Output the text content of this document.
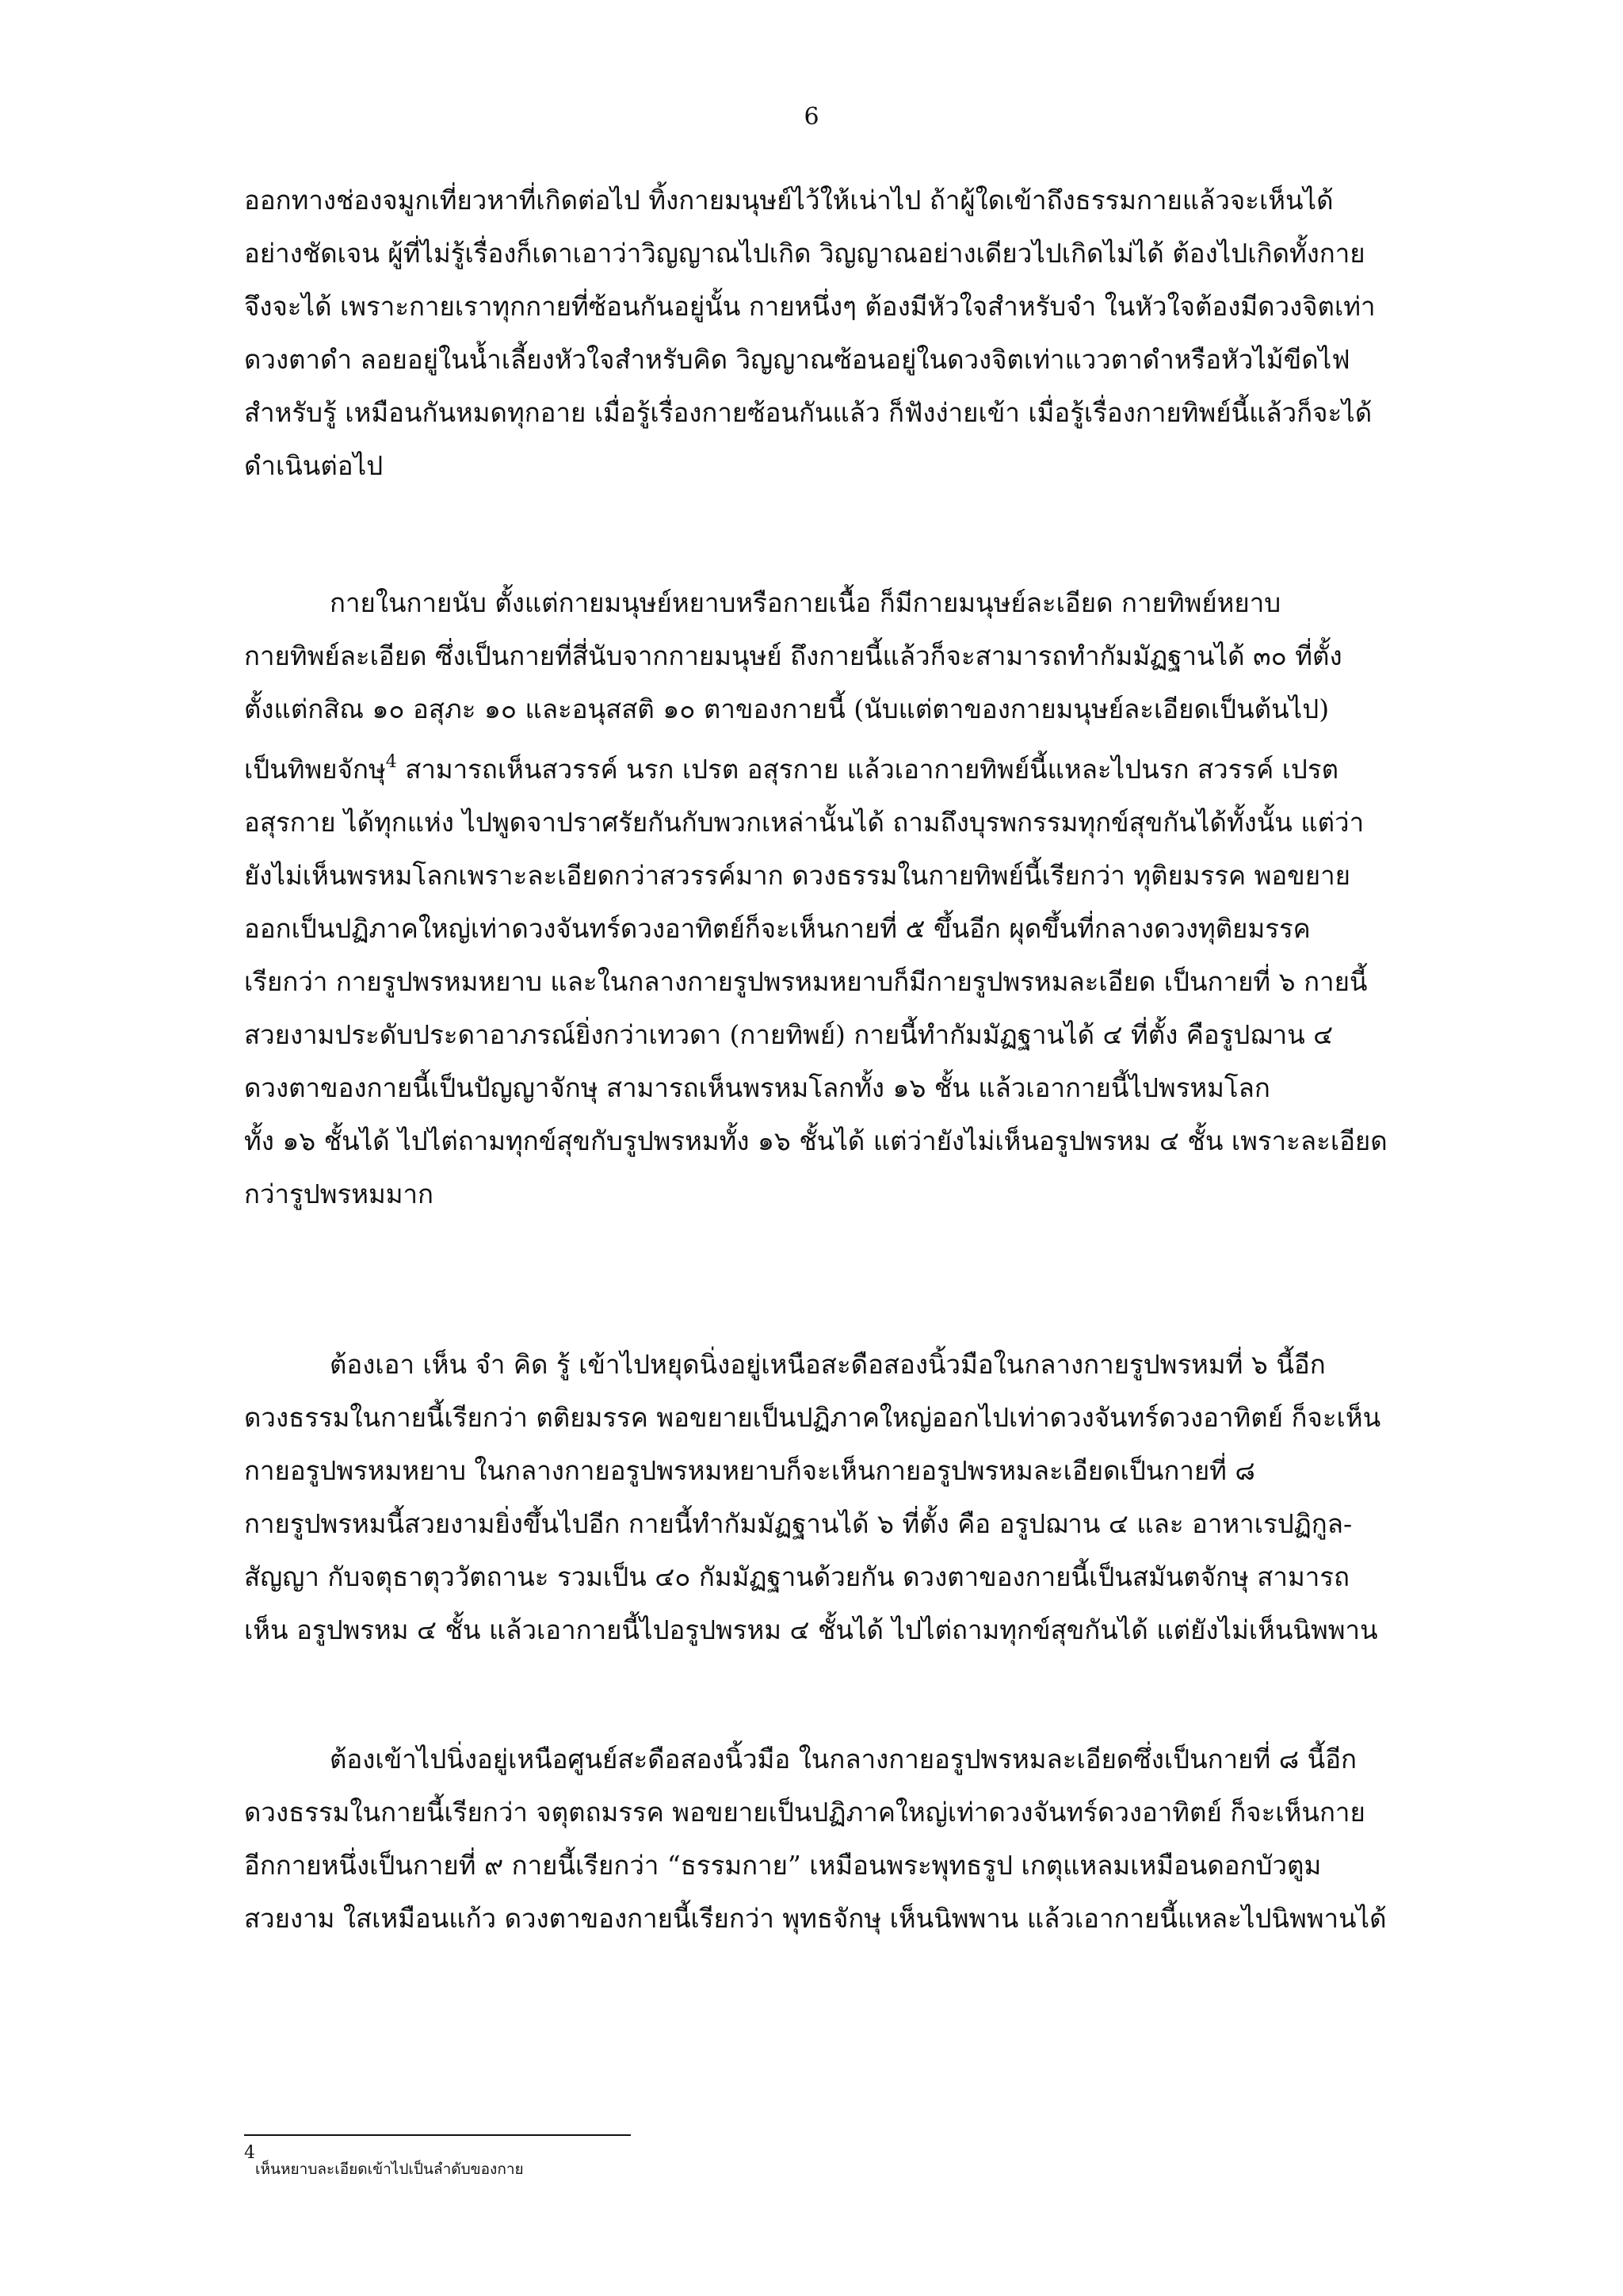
6
ออกทางช่องจมูกเที่ยวหาที่เกิดต่อไป ทิ้งกายมนุษย์ไว้ให้เน่าไป ถ้าผู้ใดเข้าถึงธรรมกายแล้วจะเห็นได้
อย่างชัดเจน ผู้ที่ไม่รู้เรื่องก็เดาเอาว่าวิญญาณไปเกิด วิญญาณอย่างเดียวไปเกิดไม่ได้ ต้องไปเกิดทั้งกาย
จึงจะได้ เพราะกายเราทุกกายที่ซ้อนกันอยู่นั้น กายหนึ่งๆ ต้องมีหัวใจสำหรับจำ ในหัวใจต้องมีดวงจิตเท่า
ดวงตาดำ ลอยอยู่ในน้ำเลี้ยงหัวใจสำหรับคิด วิญญาณซ้อนอยู่ในดวงจิตเท่าแววตาดำหรือหัวไม้ขีดไฟ
สำหรับรู้ เหมือนกันหมดทุกอาย เมื่อรู้เรื่องกายซ้อนกันแล้ว ก็ฟังง่ายเข้า เมื่อรู้เรื่องกายทิพย์นี้แล้วก็จะได้
ดำเนินต่อไป
กายในกายนับ ตั้งแต่กายมนุษย์หยาบหรือกายเนื้อ ก็มีกายมนุษย์ละเอียด กายทิพย์หยาบ
กายทิพย์ละเอียด ซึ่งเป็นกายที่สี่นับจากกายมนุษย์ ถึงกายนี้แล้วก็จะสามารถทำกัมมัฏฐานได้ ๓๐ ที่ตั้ง
ตั้งแต่กสิณ ๑๐ อสุภะ ๑๐ และอนุสสติ ๑๐ ตาของกายนี้ (นับแต่ตาของกายมนุษย์ละเอียดเป็นต้นไป)
เป็นทิพยจักษุ$^4$ สามารถเห็นสวรรค์ นรก เปรต อสุรกาย แล้วเอากายทิพย์นี้แหละไปนรก สวรรค์ เปรต
อสุรกาย ได้ทุกแห่ง ไปพูดจาปราศรัยกันกับพวกเหล่านั้นได้ ถามถึงบุรพกรรมทุกข์สุขกันได้ทั้งนั้น แต่ว่า
ยังไม่เห็นพรหมโลกเพราะละเอียดกว่าสวรรค์มาก ดวงธรรมในกายทิพย์นี้เรียกว่า ทุติยมรรค พอขยาย
ออกเป็นปฏิภาคใหญ่เท่าดวงจันทร์ดวงอาทิตย์ก็จะเห็นกายที่ ๕ ขึ้นอีก ผุดขึ้นที่กลางดวงทุติยมรรค
เรียกว่า กายรูปพรหมหยาบ และในกลางกายรูปพรหมหยาบก็มีกายรูปพรหมละเอียด เป็นกายที่ ๖ กายนี้
สวยงามประดับประดาอาภรณ์ยิ่งกว่าเทวดา (กายทิพย์) กายนี้ทำกัมมัฏฐานได้ ๔ ที่ตั้ง คือรูปฌาน ๔
ดวงตาของกายนี้เป็นปัญญาจักษุ สามารถเห็นพรหมโลกทั้ง ๑๖ ชั้น แล้วเอากายนี้ไปพรหมโลก
ทั้ง ๑๖ ชั้นได้ ไปไต่ถามทุกข์สุขกับรูปพรหมทั้ง ๑๖ ชั้นได้ แต่ว่ายังไม่เห็นอรูปพรหม ๔ ชั้น เพราะละเอียด
กว่ารูปพรหมมาก
ต้องเอา เห็น จำ คิด รู้ เข้าไปหยุดนิ่งอยู่เหนือสะดือสองนิ้วมือในกลางกายรูปพรหมที่ ๖ นี้อีก
ดวงธรรมในกายนี้เรียกว่า ตติยมรรค พอขยายเป็นปฏิภาคใหญ่ออกไปเท่าดวงจันทร์ดวงอาทิตย์ ก็จะเห็น
กายอรูปพรหมหยาบ ในกลางกายอรูปพรหมหยาบก็จะเห็นกายอรูปพรหมละเอียดเป็นกายที่ ๘
กายรูปพรหมนี้สวยงามยิ่งขึ้นไปอีก กายนี้ทำกัมมัฏฐานได้ ๖ ที่ตั้ง คือ อรูปฌาน ๔ และ อาหาเรปฏิกูล-
สัญญา กับจตุธาตุววัตถานะ รวมเป็น ๔๐ กัมมัฏฐานด้วยกัน ดวงตาของกายนี้เป็นสมันตจักษุ สามารถ
เห็น อรูปพรหม ๔ ชั้น แล้วเอากายนี้ไปอรูปพรหม ๔ ชั้นได้ ไปไต่ถามทุกข์สุขกันได้ แต่ยังไม่เห็นนิพพาน
ต้องเข้าไปนิ่งอยู่เหนือศูนย์สะดือสองนิ้วมือ ในกลางกายอรูปพรหมละเอียดซึ่งเป็นกายที่ ๘ นี้อีก
ดวงธรรมในกายนี้เรียกว่า จตุตถมรรค พอขยายเป็นปฏิภาคใหญ่เท่าดวงจันทร์ดวงอาทิตย์ ก็จะเห็นกาย
อีกกายหนึ่งเป็นกายที่ ๙ กายนี้เรียกว่า “ธรรมกาย” เหมือนพระพุทธรูป เกตุแหลมเหมือนดอกบัวตูม
สวยงาม ใสเหมือนแก้ว ดวงตาของกายนี้เรียกว่า พุทธจักษุ เห็นนิพพาน แล้วเอากายนี้แหละไปนิพพานได้
4
เห็นหยาบละเอียดเข้าไปเป็นลำดับของกาย
